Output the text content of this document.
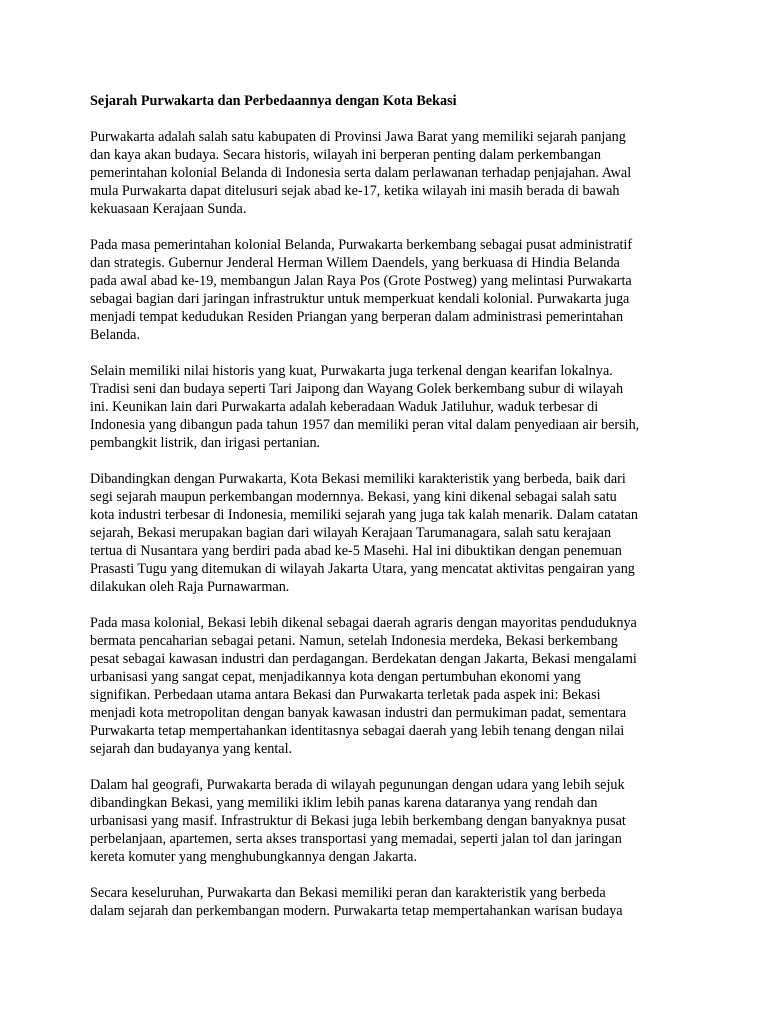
Sejarah Purwakarta dan Perbedaannya dengan Kota Bekasi
Purwakarta adalah salah satu kabupaten di Provinsi Jawa Barat yang memiliki sejarah panjang
dan kaya akan budaya. Secara historis, wilayah ini berperan penting dalam perkembangan
pemerintahan kolonial Belanda di Indonesia serta dalam perlawanan terhadap penjajahan. Awal
mula Purwakarta dapat ditelusuri sejak abad ke-17, ketika wilayah ini masih berada di bawah
kekuasaan Kerajaan Sunda.
Pada masa pemerintahan kolonial Belanda, Purwakarta berkembang sebagai pusat administratif
dan strategis. Gubernur Jenderal Herman Willem Daendels, yang berkuasa di Hindia Belanda
pada awal abad ke-19, membangun Jalan Raya Pos (Grote Postweg) yang melintasi Purwakarta
sebagai bagian dari jaringan infrastruktur untuk memperkuat kendali kolonial. Purwakarta juga
menjadi tempat kedudukan Residen Priangan yang berperan dalam administrasi pemerintahan
Belanda.
Selain memiliki nilai historis yang kuat, Purwakarta juga terkenal dengan kearifan lokalnya.
Tradisi seni dan budaya seperti Tari Jaipong dan Wayang Golek berkembang subur di wilayah
ini. Keunikan lain dari Purwakarta adalah keberadaan Waduk Jatiluhur, waduk terbesar di
Indonesia yang dibangun pada tahun 1957 dan memiliki peran vital dalam penyediaan air bersih,
pembangkit listrik, dan irigasi pertanian.
Dibandingkan dengan Purwakarta, Kota Bekasi memiliki karakteristik yang berbeda, baik dari
segi sejarah maupun perkembangan modernnya. Bekasi, yang kini dikenal sebagai salah satu
kota industri terbesar di Indonesia, memiliki sejarah yang juga tak kalah menarik. Dalam catatan
sejarah, Bekasi merupakan bagian dari wilayah Kerajaan Tarumanagara, salah satu kerajaan
tertua di Nusantara yang berdiri pada abad ke-5 Masehi. Hal ini dibuktikan dengan penemuan
Prasasti Tugu yang ditemukan di wilayah Jakarta Utara, yang mencatat aktivitas pengairan yang
dilakukan oleh Raja Purnawarman.
Pada masa kolonial, Bekasi lebih dikenal sebagai daerah agraris dengan mayoritas penduduknya
bermata pencaharian sebagai petani. Namun, setelah Indonesia merdeka, Bekasi berkembang
pesat sebagai kawasan industri dan perdagangan. Berdekatan dengan Jakarta, Bekasi mengalami
urbanisasi yang sangat cepat, menjadikannya kota dengan pertumbuhan ekonomi yang
signifikan. Perbedaan utama antara Bekasi dan Purwakarta terletak pada aspek ini: Bekasi
menjadi kota metropolitan dengan banyak kawasan industri dan permukiman padat, sementara
Purwakarta tetap mempertahankan identitasnya sebagai daerah yang lebih tenang dengan nilai
sejarah dan budayanya yang kental.
Dalam hal geografi, Purwakarta berada di wilayah pegunungan dengan udara yang lebih sejuk
dibandingkan Bekasi, yang memiliki iklim lebih panas karena dataranya yang rendah dan
urbanisasi yang masif. Infrastruktur di Bekasi juga lebih berkembang dengan banyaknya pusat
perbelanjaan, apartemen, serta akses transportasi yang memadai, seperti jalan tol dan jaringan
kereta komuter yang menghubungkannya dengan Jakarta.
Secara keseluruhan, Purwakarta dan Bekasi memiliki peran dan karakteristik yang berbeda
dalam sejarah dan perkembangan modern. Purwakarta tetap mempertahankan warisan budaya
